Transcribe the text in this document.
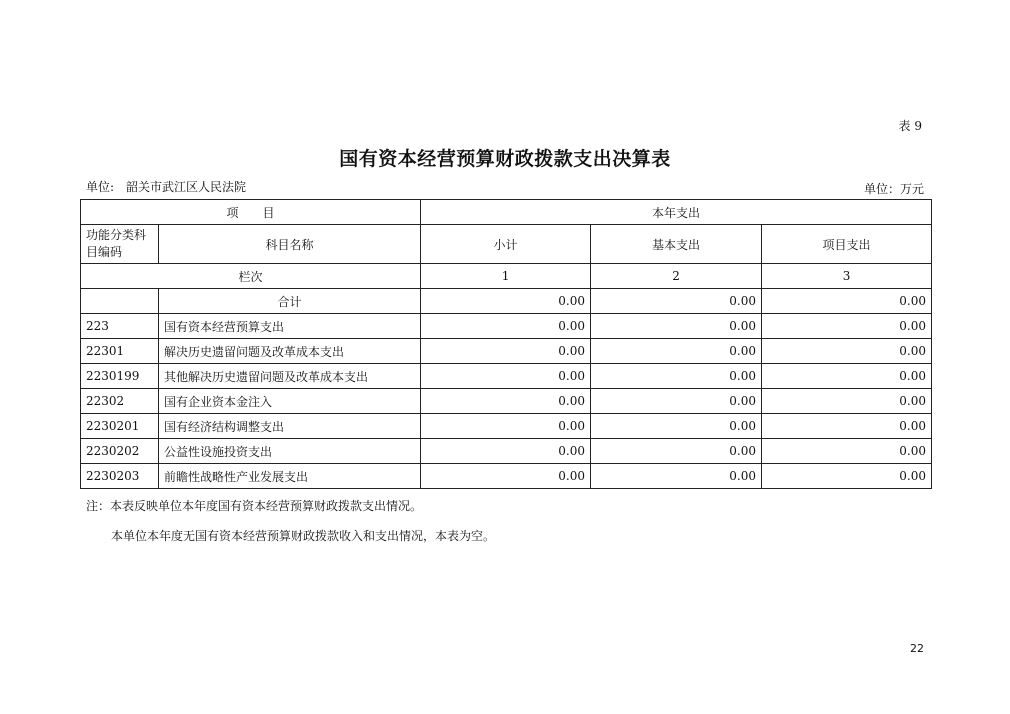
表 9
国有资本经营预算财政拨款支出决算表
单位: 韶关市武江区人民法院	单位：万元
项　　目		本年支出		
功能分类科目编码	科目名称	小计	基本支出	项目支出
栏次		1	2	3
	合计	0.00	0.00	0.00
223	国有资本经营预算支出	0.00	0.00	0.00
22301	解决历史遗留问题及改革成本支出	0.00	0.00	0.00
2230199	其他解决历史遗留问题及改革成本支出	0.00	0.00	0.00
22302	国有企业资本金注入	0.00	0.00	0.00
2230201	国有经济结构调整支出	0.00	0.00	0.00
2230202	公益性设施投资支出	0.00	0.00	0.00
2230203	前瞻性战略性产业发展支出	0.00	0.00	0.00
注：本表反映单位本年度国有资本经营预算财政拨款支出情况。
本单位本年度无国有资本经营预算财政拨款收入和支出情况，本表为空。
22
